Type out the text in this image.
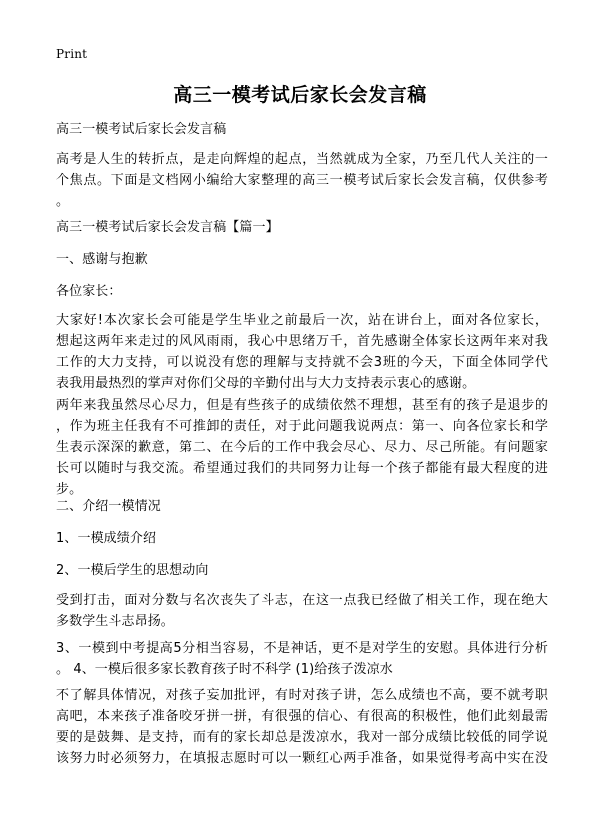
Print
高三一模考试后家长会发言稿
高三一模考试后家长会发言稿
高考是人生的转折点，是走向辉煌的起点，当然就成为全家，乃至几代人关注的一
个焦点。下面是文档网小编给大家整理的高三一模考试后家长会发言稿，仅供参考
。
高三一模考试后家长会发言稿【篇一】
一、感谢与抱歉
各位家长：
大家好!本次家长会可能是学生毕业之前最后一次，站在讲台上，面对各位家长，
想起这两年来走过的风风雨雨，我心中思绪万千，首先感谢全体家长这两年来对我
工作的大力支持，可以说没有您的理解与支持就不会3班的今天，下面全体同学代
表我用最热烈的掌声对你们父母的辛勤付出与大力支持表示衷心的感谢。
两年来我虽然尽心尽力，但是有些孩子的成绩依然不理想，甚至有的孩子是退步的
，作为班主任我有不可推卸的责任，对于此问题我说两点：第一、向各位家长和学
生表示深深的歉意，第二、在今后的工作中我会尽心、尽力、尽己所能。有问题家
长可以随时与我交流。希望通过我们的共同努力让每一个孩子都能有最大程度的进
步。
二、介绍一模情况
1、一模成绩介绍
2、一模后学生的思想动向
受到打击，面对分数与名次丧失了斗志，在这一点我已经做了相关工作，现在绝大
多数学生斗志昂扬。
3、一模到中考提高5分相当容易，不是神话，更不是对学生的安慰。具体进行分析
。 4、一模后很多家长教育孩子时不科学 (1)给孩子泼凉水
不了解具体情况，对孩子妄加批评，有时对孩子讲，怎么成绩也不高，要不就考职
高吧，本来孩子准备咬牙拼一拼，有很强的信心、有很高的积极性，他们此刻最需
要的是鼓舞、是支持，而有的家长却总是泼凉水，我对一部分成绩比较低的同学说
该努力时必须努力，在填报志愿时可以一颗红心两手准备，如果觉得考高中实在没
